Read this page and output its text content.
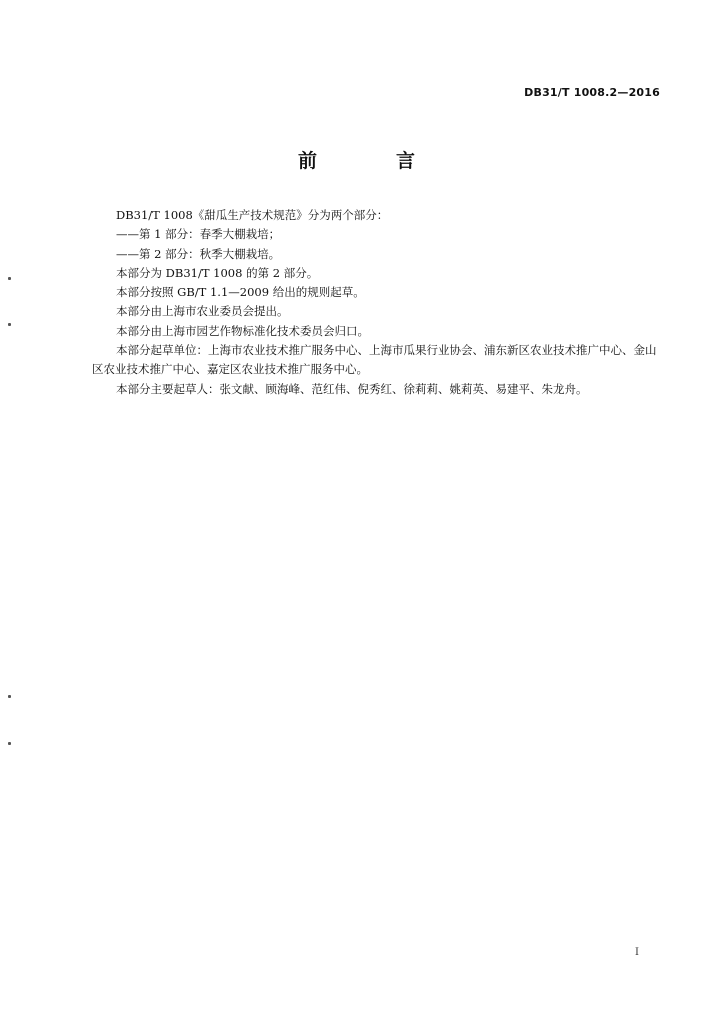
DB31/T 1008.2—2016
前　言

DB31/T 1008《甜瓜生产技术规范》分为两个部分：

——第 1 部分：春季大棚栽培；

——第 2 部分：秋季大棚栽培。

本部分为 DB31/T 1008 的第 2 部分。

本部分按照 GB/T 1.1—2009 给出的规则起草。

本部分由上海市农业委员会提出。

本部分由上海市园艺作物标准化技术委员会归口。

本部分起草单位：上海市农业技术推广服务中心、上海市瓜果行业协会、浦东新区农业技术推广中心、金山区农业技术推广中心、嘉定区农业技术推广服务中心。

本部分主要起草人：张文献、顾海峰、范红伟、倪秀红、徐莉莉、姚莉英、易建平、朱龙舟。

I
